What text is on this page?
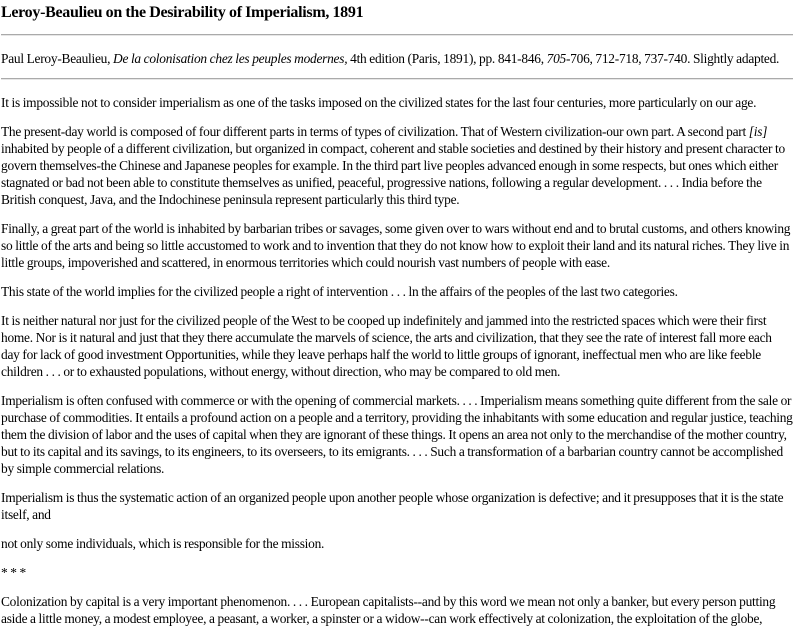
Leroy-Beaulieu on the Desirability of Imperialism, 1891

Paul Leroy-Beaulieu, De la colonisation chez les peuples modernes, 4th edition (Paris, 1891), pp. 841-846, 705-706, 712-718, 737-740. Slightly adapted.

It is impossible not to consider imperialism as one of the tasks imposed on the civilized states for the last four centuries, more particularly on our age.

The present-day world is composed of four different parts in terms of types of civilization. That of Western civilization-our own part. A second part [is] inhabited by people of a different civilization, but organized in compact, coherent and stable societies and destined by their history and present character to govern themselves-the Chinese and Japanese peoples for example. In the third part live peoples advanced enough in some respects, but ones which either stagnated or bad not been able to constitute themselves as unified, peaceful, progressive nations, following a regular development. . . . India before the British conquest, Java, and the Indochinese peninsula represent particularly this third type.

Finally, a great part of the world is inhabited by barbarian tribes or savages, some given over to wars without end and to brutal customs, and others knowing so little of the arts and being so little accustomed to work and to invention that they do not know how to exploit their land and its natural riches. They live in little groups, impoverished and scattered, in enormous territories which could nourish vast numbers of people with ease.

This state of the world implies for the civilized people a right of intervention . . . ln the affairs of the peoples of the last two categories.

It is neither natural nor just for the civilized people of the West to be cooped up indefinitely and jammed into the restricted spaces which were their first home. Nor is it natural and just that they there accumulate the marvels of science, the arts and civilization, that they see the rate of interest fall more each day for lack of good investment Opportunities, while they leave perhaps half the world to little groups of ignorant, ineffectual men who are like feeble children . . . or to exhausted populations, without energy, without direction, who may be compared to old men.

Imperialism is often confused with commerce or with the opening of commercial markets. . . . Imperialism means something quite different from the sale or purchase of commodities. It entails a profound action on a people and a territory, providing the inhabitants with some education and regular justice, teaching them the division of labor and the uses of capital when they are ignorant of these things. It opens an area not only to the merchandise of the mother country, but to its capital and its savings, to its engineers, to its overseers, to its emigrants. . . . Such a transformation of a barbarian country cannot be accomplished by simple commercial relations.

Imperialism is thus the systematic action of an organized people upon another people whose organization is defective; and it presupposes that it is the state itself, and

not only some individuals, which is responsible for the mission.

* * *

Colonization by capital is a very important phenomenon. . . . European capitalists--and by this word we mean not only a banker, but every person putting aside a little money, a modest employee, a peasant, a worker, a spinster or a widow--can work effectively at colonization, the exploitation of the globe,
